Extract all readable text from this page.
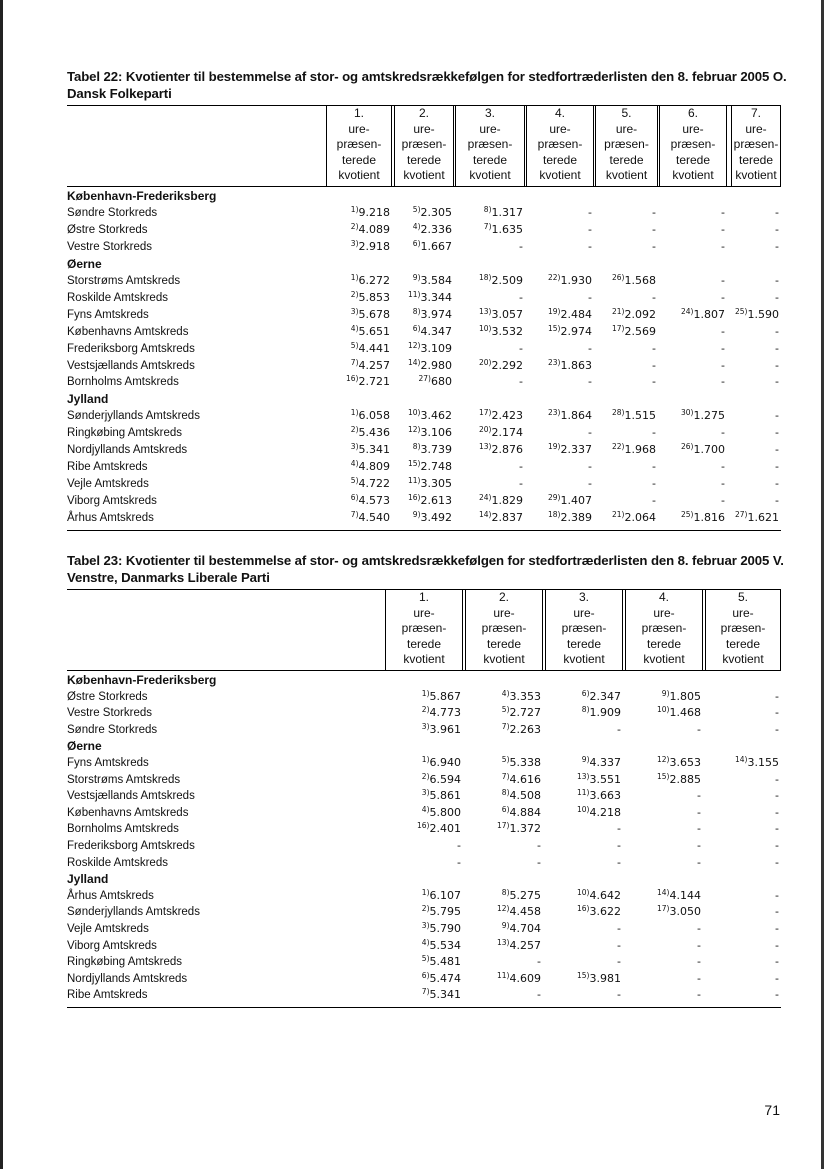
Tabel 22: Kvotienter til bestemmelse af stor- og amtskredsrækkefølgen for stedfortræderlisten den 8. februar 2005 O.
Dansk Folkeparti
1.
ure-
præsen-
terede
kvotient
2.
ure-
præsen-
terede
kvotient
3.
ure-
præsen-
terede
kvotient
4.
ure-
præsen-
terede
kvotient
5.
ure-
præsen-
terede
kvotient
6.
ure-
præsen-
terede
kvotient
7.
ure-
præsen-
terede
kvotient
København-Frederiksberg
Søndre Storkreds	$^{1)}$9.218	$^{5)}$2.305	$^{8)}$1.317	-	-	-	-
Østre Storkreds	$^{2)}$4.089	$^{4)}$2.336	$^{7)}$1.635	-	-	-	-
Vestre Storkreds	$^{3)}$2.918	$^{6)}$1.667	-	-	-	-	-
Øerne
Storstrøms Amtskreds	$^{1)}$6.272	$^{9)}$3.584	$^{18)}$2.509	$^{22)}$1.930	$^{26)}$1.568	-	-
Roskilde Amtskreds	$^{2)}$5.853	$^{11)}$3.344	-	-	-	-	-
Fyns Amtskreds	$^{3)}$5.678	$^{8)}$3.974	$^{13)}$3.057	$^{19)}$2.484	$^{21)}$2.092	$^{24)}$1.807	$^{25)}$1.590
Københavns Amtskreds	$^{4)}$5.651	$^{6)}$4.347	$^{10)}$3.532	$^{15)}$2.974	$^{17)}$2.569	-	-
Frederiksborg Amtskreds	$^{5)}$4.441	$^{12)}$3.109	-	-	-	-	-
Vestsjællands Amtskreds	$^{7)}$4.257	$^{14)}$2.980	$^{20)}$2.292	$^{23)}$1.863	-	-	-
Bornholms Amtskreds	$^{16)}$2.721	$^{27)}$680	-	-	-	-	-
Jylland
Sønderjyllands Amtskreds	$^{1)}$6.058	$^{10)}$3.462	$^{17)}$2.423	$^{23)}$1.864	$^{28)}$1.515	$^{30)}$1.275	-
Ringkøbing Amtskreds	$^{2)}$5.436	$^{12)}$3.106	$^{20)}$2.174	-	-	-	-
Nordjyllands Amtskreds	$^{3)}$5.341	$^{8)}$3.739	$^{13)}$2.876	$^{19)}$2.337	$^{22)}$1.968	$^{26)}$1.700	-
Ribe Amtskreds	$^{4)}$4.809	$^{15)}$2.748	-	-	-	-	-
Vejle Amtskreds	$^{5)}$4.722	$^{11)}$3.305	-	-	-	-	-
Viborg Amtskreds	$^{6)}$4.573	$^{16)}$2.613	$^{24)}$1.829	$^{29)}$1.407	-	-	-
Århus Amtskreds	$^{7)}$4.540	$^{9)}$3.492	$^{14)}$2.837	$^{18)}$2.389	$^{21)}$2.064	$^{25)}$1.816	$^{27)}$1.621
Tabel 23: Kvotienter til bestemmelse af stor- og amtskredsrækkefølgen for stedfortræderlisten den 8. februar 2005 V.
Venstre, Danmarks Liberale Parti
1.
ure-
præsen-
terede
kvotient
2.
ure-
præsen-
terede
kvotient
3.
ure-
præsen-
terede
kvotient
4.
ure-
præsen-
terede
kvotient
5.
ure-
præsen-
terede
kvotient
København-Frederiksberg
Østre Storkreds	$^{1)}$5.867	$^{4)}$3.353	$^{6)}$2.347	$^{9)}$1.805	-
Vestre Storkreds	$^{2)}$4.773	$^{5)}$2.727	$^{8)}$1.909	$^{10)}$1.468	-
Søndre Storkreds	$^{3)}$3.961	$^{7)}$2.263	-	-	-
Øerne
Fyns Amtskreds	$^{1)}$6.940	$^{5)}$5.338	$^{9)}$4.337	$^{12)}$3.653	$^{14)}$3.155
Storstrøms Amtskreds	$^{2)}$6.594	$^{7)}$4.616	$^{13)}$3.551	$^{15)}$2.885	-
Vestsjællands Amtskreds	$^{3)}$5.861	$^{8)}$4.508	$^{11)}$3.663	-	-
Københavns Amtskreds	$^{4)}$5.800	$^{6)}$4.884	$^{10)}$4.218	-	-
Bornholms Amtskreds	$^{16)}$2.401	$^{17)}$1.372	-	-	-
Frederiksborg Amtskreds	-	-	-	-	-
Roskilde Amtskreds	-	-	-	-	-
Jylland
Århus Amtskreds	$^{1)}$6.107	$^{8)}$5.275	$^{10)}$4.642	$^{14)}$4.144	-
Sønderjyllands Amtskreds	$^{2)}$5.795	$^{12)}$4.458	$^{16)}$3.622	$^{17)}$3.050	-
Vejle Amtskreds	$^{3)}$5.790	$^{9)}$4.704	-	-	-
Viborg Amtskreds	$^{4)}$5.534	$^{13)}$4.257	-	-	-
Ringkøbing Amtskreds	$^{5)}$5.481	-	-	-	-
Nordjyllands Amtskreds	$^{6)}$5.474	$^{11)}$4.609	$^{15)}$3.981	-	-
Ribe Amtskreds	$^{7)}$5.341	-	-	-	-
71
